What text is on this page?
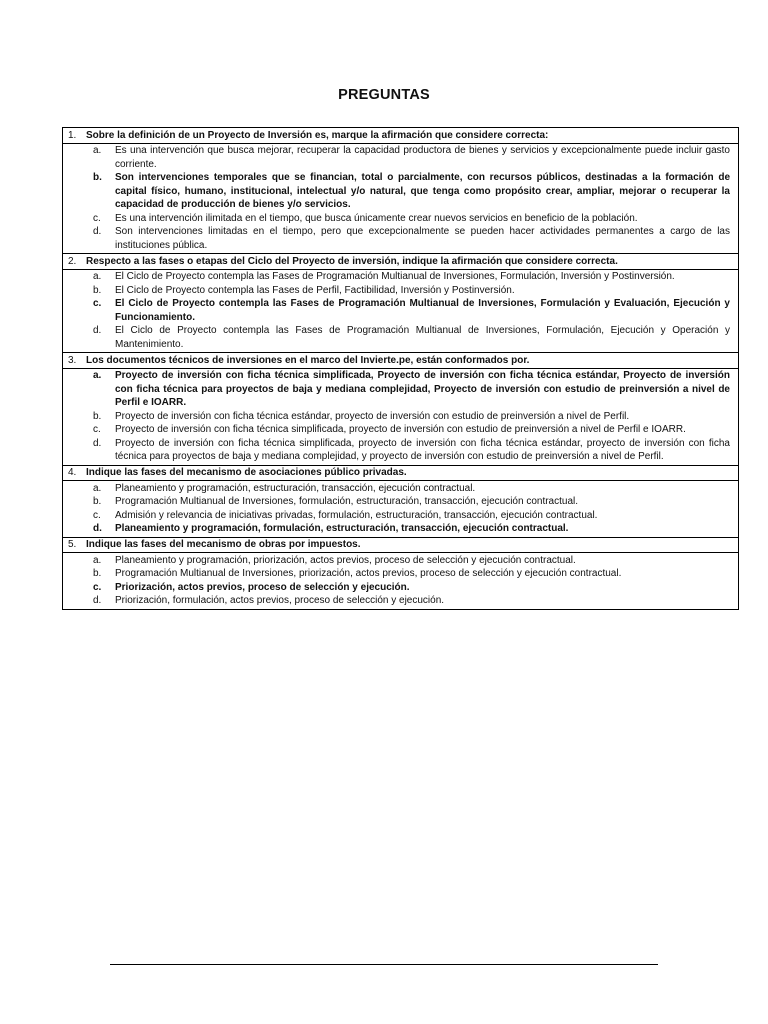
PREGUNTAS
1. Sobre la definición de un Proyecto de Inversión es, marque la afirmación que considere correcta:
a.	Es una intervención que busca mejorar, recuperar la capacidad productora de bienes y servicios y excepcionalmente puede incluir gasto corriente.
b.	Son intervenciones temporales que se financian, total o parcialmente, con recursos públicos, destinadas a la formación de capital físico, humano, institucional, intelectual y/o natural, que tenga como propósito crear, ampliar, mejorar o recuperar la capacidad de producción de bienes y/o servicios.
c.	Es una intervención ilimitada en el tiempo, que busca únicamente crear nuevos servicios en beneficio de la población.
d.	Son intervenciones limitadas en el tiempo, pero que excepcionalmente se pueden hacer actividades permanentes a cargo de las instituciones pública.
2. Respecto a las fases o etapas del Ciclo del Proyecto de inversión, indique la afirmación que considere correcta.
a.	El Ciclo de Proyecto contempla las Fases de Programación Multianual de Inversiones, Formulación, Inversión y Postinversión.
b.	El Ciclo de Proyecto contempla las Fases de Perfil, Factibilidad, Inversión y Postinversión.
c.	El Ciclo de Proyecto contempla las Fases de Programación Multianual de Inversiones, Formulación y Evaluación, Ejecución y Funcionamiento.
d.	El Ciclo de Proyecto contempla las Fases de Programación Multianual de Inversiones, Formulación, Ejecución y Operación y Mantenimiento.
3. Los documentos técnicos de inversiones en el marco del Invierte.pe, están conformados por.
a.	Proyecto de inversión con ficha técnica simplificada, Proyecto de inversión con ficha técnica estándar, Proyecto de inversión con ficha técnica para proyectos de baja y mediana complejidad, Proyecto de inversión con estudio de preinversión a nivel de Perfil e IOARR.
b.	Proyecto de inversión con ficha técnica estándar, proyecto de inversión con estudio de preinversión a nivel de Perfil.
c.	Proyecto de inversión con ficha técnica simplificada, proyecto de inversión con estudio de preinversión a nivel de Perfil e IOARR.
d.	Proyecto de inversión con ficha técnica simplificada, proyecto de inversión con ficha técnica estándar, proyecto de inversión con ficha técnica para proyectos de baja y mediana complejidad, y proyecto de inversión con estudio de preinversión a nivel de Perfil.
4. Indique las fases del mecanismo de asociaciones público privadas.
a.	Planeamiento y programación, estructuración, transacción, ejecución contractual.
b.	Programación Multianual de Inversiones, formulación, estructuración, transacción, ejecución contractual.
c.	Admisión y relevancia de iniciativas privadas, formulación, estructuración, transacción, ejecución contractual.
d.	Planeamiento y programación, formulación, estructuración, transacción, ejecución contractual.
5. Indique las fases del mecanismo de obras por impuestos.
a.	Planeamiento y programación, priorización, actos previos, proceso de selección y ejecución contractual.
b.	Programación Multianual de Inversiones, priorización, actos previos, proceso de selección y ejecución contractual.
c.	Priorización, actos previos, proceso de selección y ejecución.
d.	Priorización, formulación, actos previos, proceso de selección y ejecución.
